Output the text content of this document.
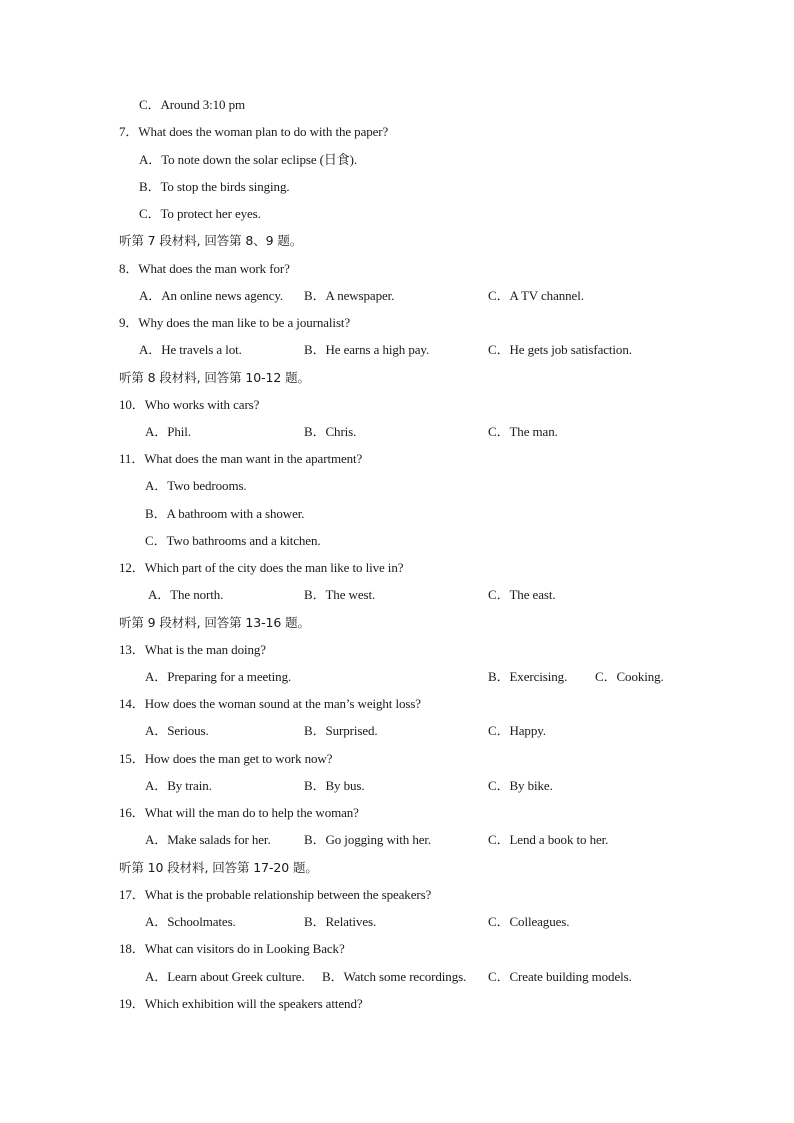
C．Around 3:10 pm
7．What does the woman plan to do with the paper?
A．To note down the solar eclipse (日食).
B．To stop the birds singing.
C．To protect her eyes.
听第 7 段材料, 回答第 8、9 题。
8．What does the man work for?
A．An online news agency. B．A newspaper.	C．A TV channel.
9．Why does the man like to be a journalist?
A．He travels a lot.	B．He earns a high pay.	C．He gets job satisfaction.
听第 8 段材料, 回答第 10-12 题。
10．Who works with cars?
A．Phil.	B．Chris.	C．The man.
11．What does the man want in the apartment?
A．Two bedrooms.
B．A bathroom with a shower.
C．Two bathrooms and a kitchen.
12．Which part of the city does the man like to live in?
A．The north.	B．The west.	C．The east.
听第 9 段材料, 回答第 13-16 题。
13．What is the man doing?
A．Preparing for a meeting.	B．Exercising. C．Cooking.
14．How does the woman sound at the man’s weight loss?
A．Serious.	B．Surprised.	C．Happy.
15．How does the man get to work now?
A．By train.	B．By bus.	C．By bike.
16．What will the man do to help the woman?
A．Make salads for her.	B．Go jogging with her.	C．Lend a book to her.
听第 10 段材料, 回答第 17-20 题。
17．What is the probable relationship between the speakers?
A．Schoolmates.	B．Relatives.	C．Colleagues.
18．What can visitors do in Looking Back?
A．Learn about Greek culture. B．Watch some recordings. C．Create building models.
19．Which exhibition will the speakers attend?
